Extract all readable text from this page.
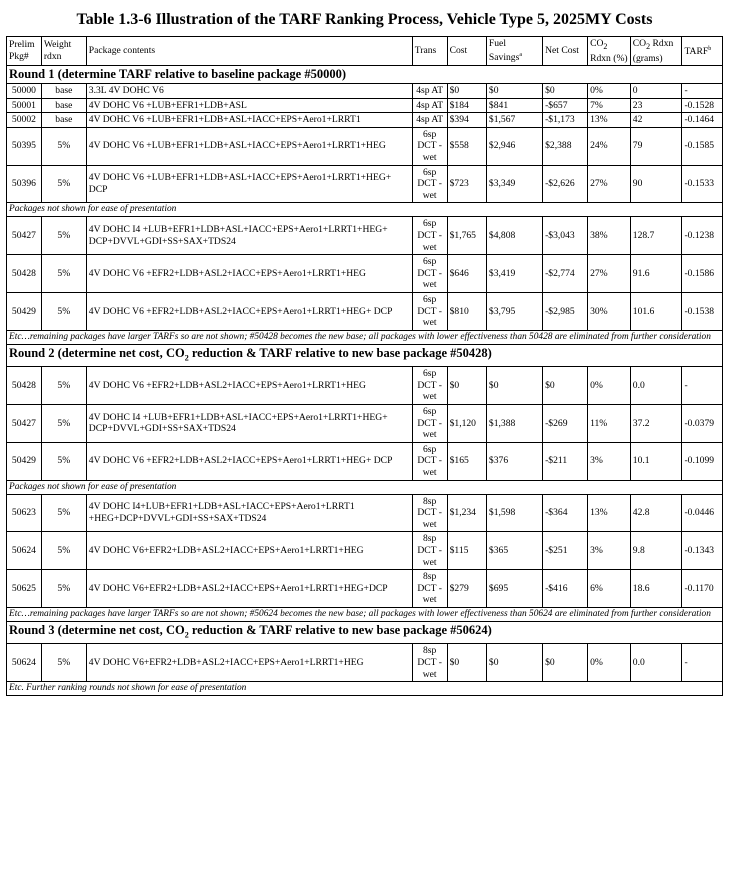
Table 1.3-6 Illustration of the TARF Ranking Process, Vehicle Type 5, 2025MY Costs
Prelim Pkg#	Weight rdxn	Package contents	Trans	Cost	Fuel Savings$^a$	Net Cost	$CO_2$ Rdxn (%)	$CO_2$ Rdxn (grams)	TARF$^b$
Round 1 (determine TARF relative to baseline package #50000)									
50000	base	3.3L 4V DOHC V6	4sp AT	$0	$0	$0	0%	0	-
50001	base	4V DOHC V6 +LUB+EFR1+LDB+ASL	4sp AT	$184	$841	-$657	7%	23	-0.1528
50002	base	4V DOHC V6 +LUB+EFR1+LDB+ASL+IACC+EPS+Aero1+LRRT1	4sp AT	$394	$1,567	-$1,173	13%	42	-0.1464
50395	5%	4V DOHC V6 +LUB+EFR1+LDB+ASL+IACC+EPS+Aero1+LRRT1+HEG	6sp DCT -wet	$558	$2,946	$2,388	24%	79	-0.1585
50396	5%	4V DOHC V6 +LUB+EFR1+LDB+ASL+IACC+EPS+Aero1+LRRT1+HEG+ DCP	6sp DCT -wet	$723	$3,349	-$2,626	27%	90	-0.1533
Packages not shown for ease of presentation									
50427	5%	4V DOHC I4 +LUB+EFR1+LDB+ASL+IACC+EPS+Aero1+LRRT1+HEG+ DCP+DVVL+GDI+SS+SAX+TDS24	6sp DCT -wet	$1,765	$4,808	-$3,043	38%	128.7	-0.1238
50428	5%	4V DOHC V6 +EFR2+LDB+ASL2+IACC+EPS+Aero1+LRRT1+HEG	6sp DCT -wet	$646	$3,419	-$2,774	27%	91.6	-0.1586
50429	5%	4V DOHC V6 +EFR2+LDB+ASL2+IACC+EPS+Aero1+LRRT1+HEG+ DCP	6sp DCT -wet	$810	$3,795	-$2,985	30%	101.6	-0.1538
Etc…remaining packages have larger TARFs so are not shown; #50428 becomes the new base; all packages with lower effectiveness than 50428 are eliminated from further consideration									
Round 2 (determine net cost, $CO_2$ reduction & TARF relative to new base package #50428)									
50428	5%	4V DOHC V6 +EFR2+LDB+ASL2+IACC+EPS+Aero1+LRRT1+HEG	6sp DCT -wet	$0	$0	$0	0%	0.0	-
50427	5%	4V DOHC I4 +LUB+EFR1+LDB+ASL+IACC+EPS+Aero1+LRRT1+HEG+ DCP+DVVL+GDI+SS+SAX+TDS24	6sp DCT -wet	$1,120	$1,388	-$269	11%	37.2	-0.0379
50429	5%	4V DOHC V6 +EFR2+LDB+ASL2+IACC+EPS+Aero1+LRRT1+HEG+ DCP	6sp DCT -wet	$165	$376	-$211	3%	10.1	-0.1099
Packages not shown for ease of presentation									
50623	5%	4V DOHC I4+LUB+EFR1+LDB+ASL+IACC+EPS+Aero1+LRRT1 +HEG+DCP+DVVL+GDI+SS+SAX+TDS24	8sp DCT -wet	$1,234	$1,598	-$364	13%	42.8	-0.0446
50624	5%	4V DOHC V6+EFR2+LDB+ASL2+IACC+EPS+Aero1+LRRT1+HEG	8sp DCT -wet	$115	$365	-$251	3%	9.8	-0.1343
50625	5%	4V DOHC V6+EFR2+LDB+ASL2+IACC+EPS+Aero1+LRRT1+HEG+DCP	8sp DCT -wet	$279	$695	-$416	6%	18.6	-0.1170
Etc…remaining packages have larger TARFs so are not shown; #50624 becomes the new base; all packages with lower effectiveness than 50624 are eliminated from further consideration									
Round 3 (determine net cost, $CO_2$ reduction & TARF relative to new base package #50624)									
50624	5%	4V DOHC V6+EFR2+LDB+ASL2+IACC+EPS+Aero1+LRRT1+HEG	8sp DCT -wet	$0	$0	$0	0%	0.0	-
Etc. Further ranking rounds not shown for ease of presentation									
